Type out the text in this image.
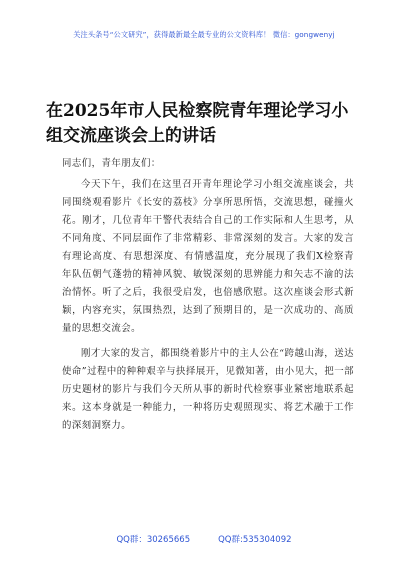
关注头条号“公文研究”，获得最新最全最专业的公文资料库！ 微信：gongwenyj
在2025年市人民检察院青年理论学习小
组交流座谈会上的讲话

同志们，青年朋友们：

今天下午，我们在这里召开青年理论学习小组交流座谈会，共同围绕观看影片《长安的荔枝》分享所思所悟，交流思想，碰撞火花。刚才，几位青年干警代表结合自己的工作实际和人生思考，从不同角度、不同层面作了非常精彩、非常深刻的发言。大家的发言有理论高度、有思想深度、有情感温度，充分展现了我们X检察青年队伍朝气蓬勃的精神风貌、敏锐深刻的思辨能力和矢志不渝的法治情怀。听了之后，我很受启发，也倍感欣慰。这次座谈会形式新颖，内容充实，氛围热烈，达到了预期目的，是一次成功的、高质量的思想交流会。

刚才大家的发言，都围绕着影片中的主人公在“跨越山海，送达使命”过程中的种种艰辛与抉择展开，见微知著，由小见大，把一部历史题材的影片与我们今天所从事的新时代检察事业紧密地联系起来。这本身就是一种能力，一种将历史观照现实、将艺术融于工作的深刻洞察力。

QQ群：30265665	QQ群:535304092
